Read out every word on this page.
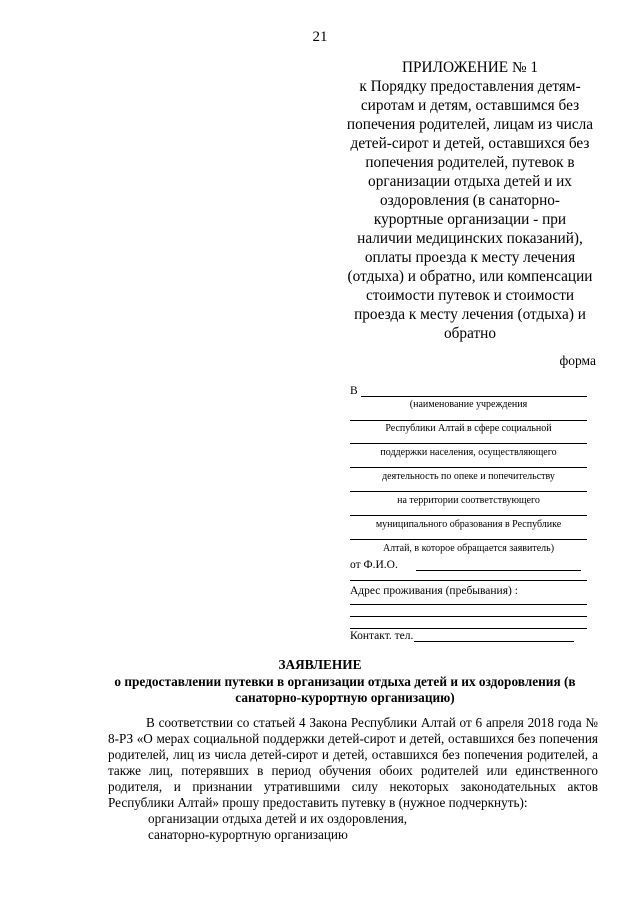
21
ПРИЛОЖЕНИЕ № 1
к Порядку предоставления детям-
сиротам и детям, оставшимся без
попечения родителей, лицам из числа
детей-сирот и детей, оставшихся без
попечения родителей, путевок в
организации отдыха детей и их
оздоровления (в санаторно-
курортные организации - при
наличии медицинских показаний),
оплаты проезда к месту лечения
(отдыха) и обратно, или компенсации
стоимости путевок и стоимости
проезда к месту лечения (отдыха) и
обратно
форма
В
(наименование учреждения
Республики Алтай в сфере социальной
поддержки населения, осуществляющего
деятельность по опеке и попечительству
на территории соответствующего
муниципального образования в Республике
Алтай, в которое обращается заявитель)
от Ф.И.О.
Адрес проживания (пребывания) :
Контакт. тел.
ЗАЯВЛЕНИЕ
о предоставлении путевки в организации отдыха детей и их оздоровления (в санаторно-курортную организацию)

В соответствии со статьей 4 Закона Республики Алтай от 6 апреля 2018 года № 8-РЗ «О мерах социальной поддержки детей-сирот и детей, оставшихся без попечения родителей, лиц из числа детей-сирот и детей, оставшихся без попечения родителей, а также лиц, потерявших в период обучения обоих родителей или единственного родителя, и признании утратившими силу некоторых законодательных актов Республики Алтай» прошу предоставить путевку в (нужное подчеркнуть):

организации отдыха детей и их оздоровления,
санаторно-курортную организацию
